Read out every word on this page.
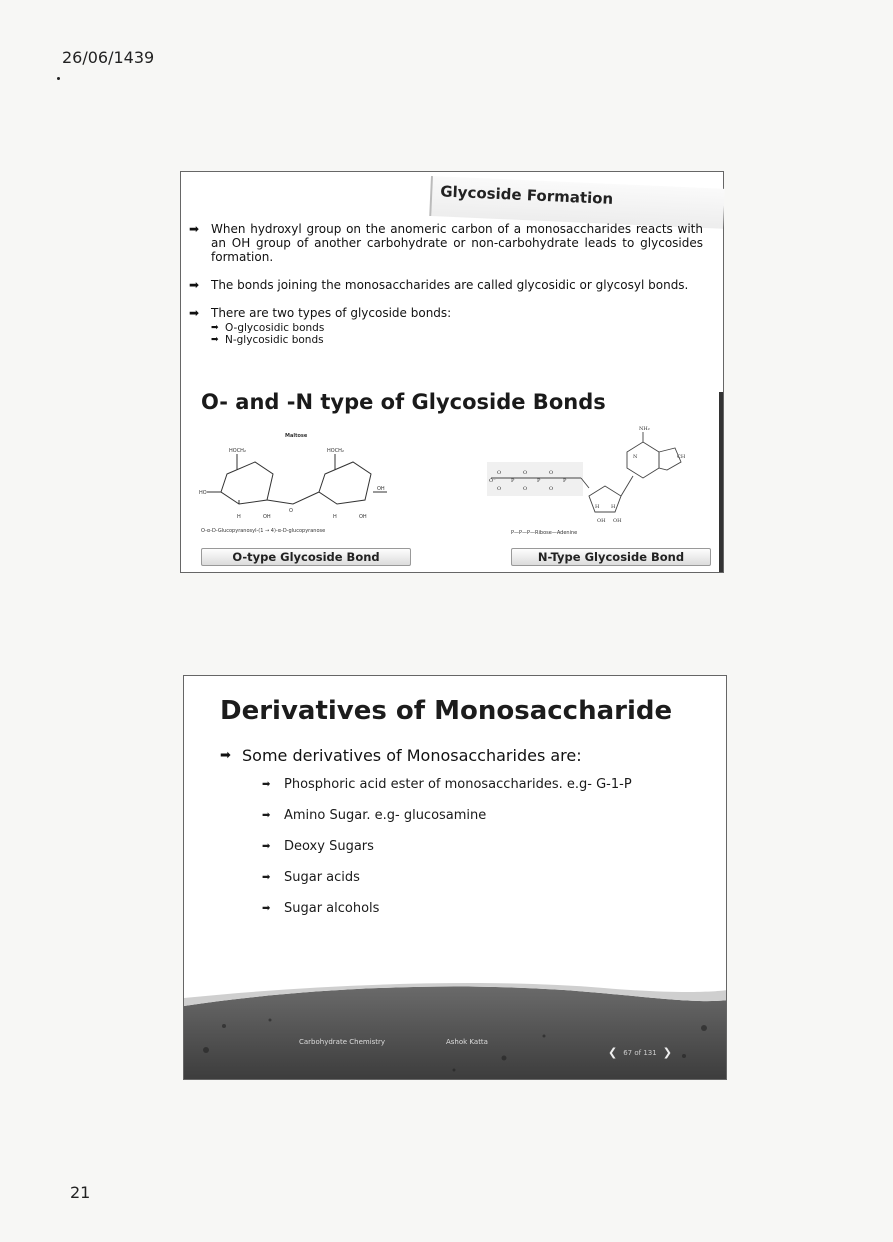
26/06/1439
Glycoside Formation
➡ When hydroxyl group on the anomeric carbon of a monosaccharides reacts with an OH group of another carbohydrate or non-carbohydrate leads to glycosides formation.
➡ The bonds joining the monosaccharides are called glycosidic or glycosyl bonds.
➡ There are two types of glycoside bonds:
➡ O-glycosidic bonds
➡ N-glycosidic bonds
O- and -N type of Glycoside Bonds
Maltose
HOCH₂	HOCH₂
HO
O
OH
H	OH	H	OH
O-α-D-Glucopyranosyl-(1 → 4)-α-D-glucopyranose
NH₂
O	O	O
O	O	O
O⁻	P	P	P
H H
OH OH
CH
N
P—P—P—Ribose—Adenine
O-type Glycoside Bond	N-Type Glycoside Bond
Derivatives of Monosaccharide
➡ Some derivatives of Monosaccharides are:
➡	Phosphoric acid ester of monosaccharides. e.g- G-1-P
➡	Amino Sugar. e.g- glucosamine
➡	Deoxy Sugars
➡	Sugar acids
➡	Sugar alcohols
Carbohydrate Chemistry	Ashok Katta
❮ 67 of 131 ❯
21
